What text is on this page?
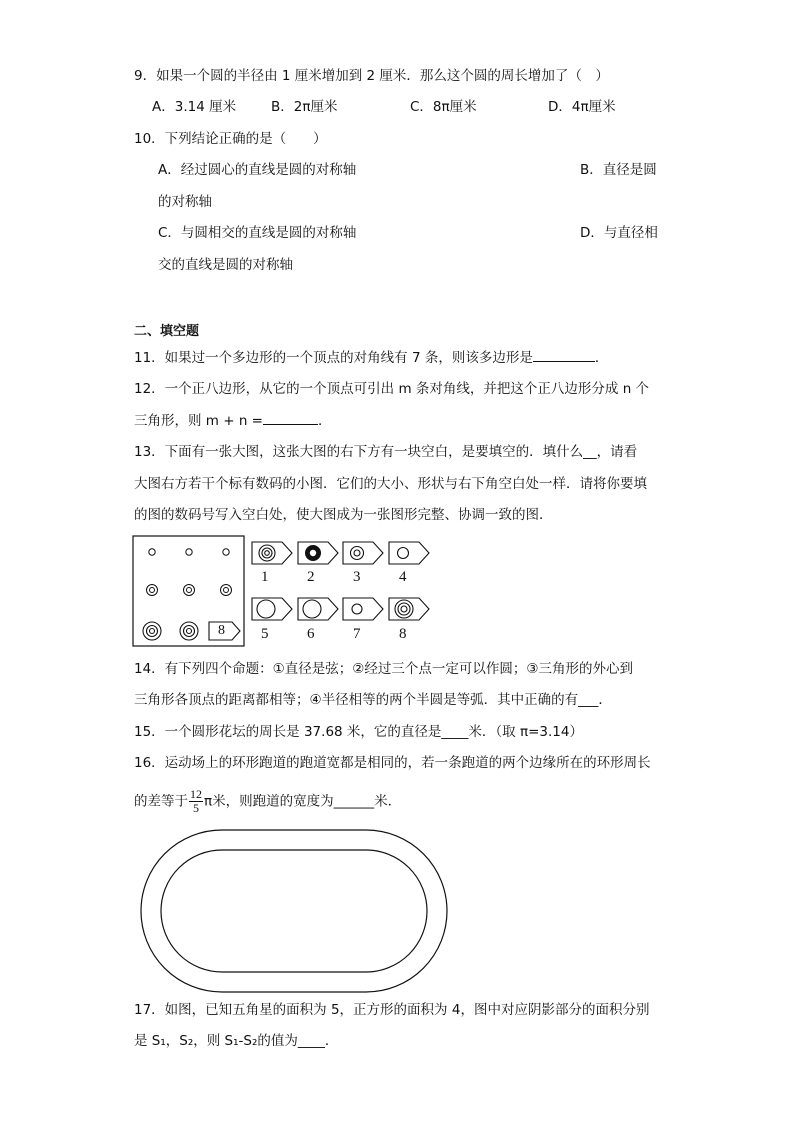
9．如果一个圆的半径由 1 厘米增加到 2 厘米．那么这个圆的周长增加了（　）
A．3.14 厘米	B．2π厘米	C．8π厘米	D．4π厘米
10．下列结论正确的是（　　）
A．经过圆心的直线是圆的对称轴	B．直径是圆
的对称轴
C．与圆相交的直线是圆的对称轴	D．与直径相
交的直线是圆的对称轴
二、填空题
11．如果过一个多边形的一个顶点的对角线有 7 条，则该多边形是	．
12．一个正八边形，从它的一个顶点可引出 m 条对角线，并把这个正八边形分成 n 个
三角形，则 m + n =	．
13．下面有一张大图，这张大图的右下方有一块空白，是要填空的．填什么__，请看
大图右方若干个标有数码的小图．它们的大小、形状与右下角空白处一样．请将你要填
的图的数码号写入空白处，使大图成为一张图形完整、协调一致的图．
8
1	2	3	4
5	6	7	8
14．有下列四个命题：①直径是弦；②经过三个点一定可以作圆；③三角形的外心到
三角形各顶点的距离都相等；④半径相等的两个半圆是等弧．其中正确的有___．
15．一个圆形花坛的周长是 37.68 米，它的直径是____米．（取 π=3.14）
16．运动场上的环形跑道的跑道宽都是相同的，若一条跑道的两个边缘所在的环形周长
的差等于 $\frac{12}{5}$ π米，则跑道的宽度为______米．
17．如图，已知五角星的面积为 5，正方形的面积为 4，图中对应阴影部分的面积分别
是 S₁，S₂，则 S₁-S₂的值为____．
